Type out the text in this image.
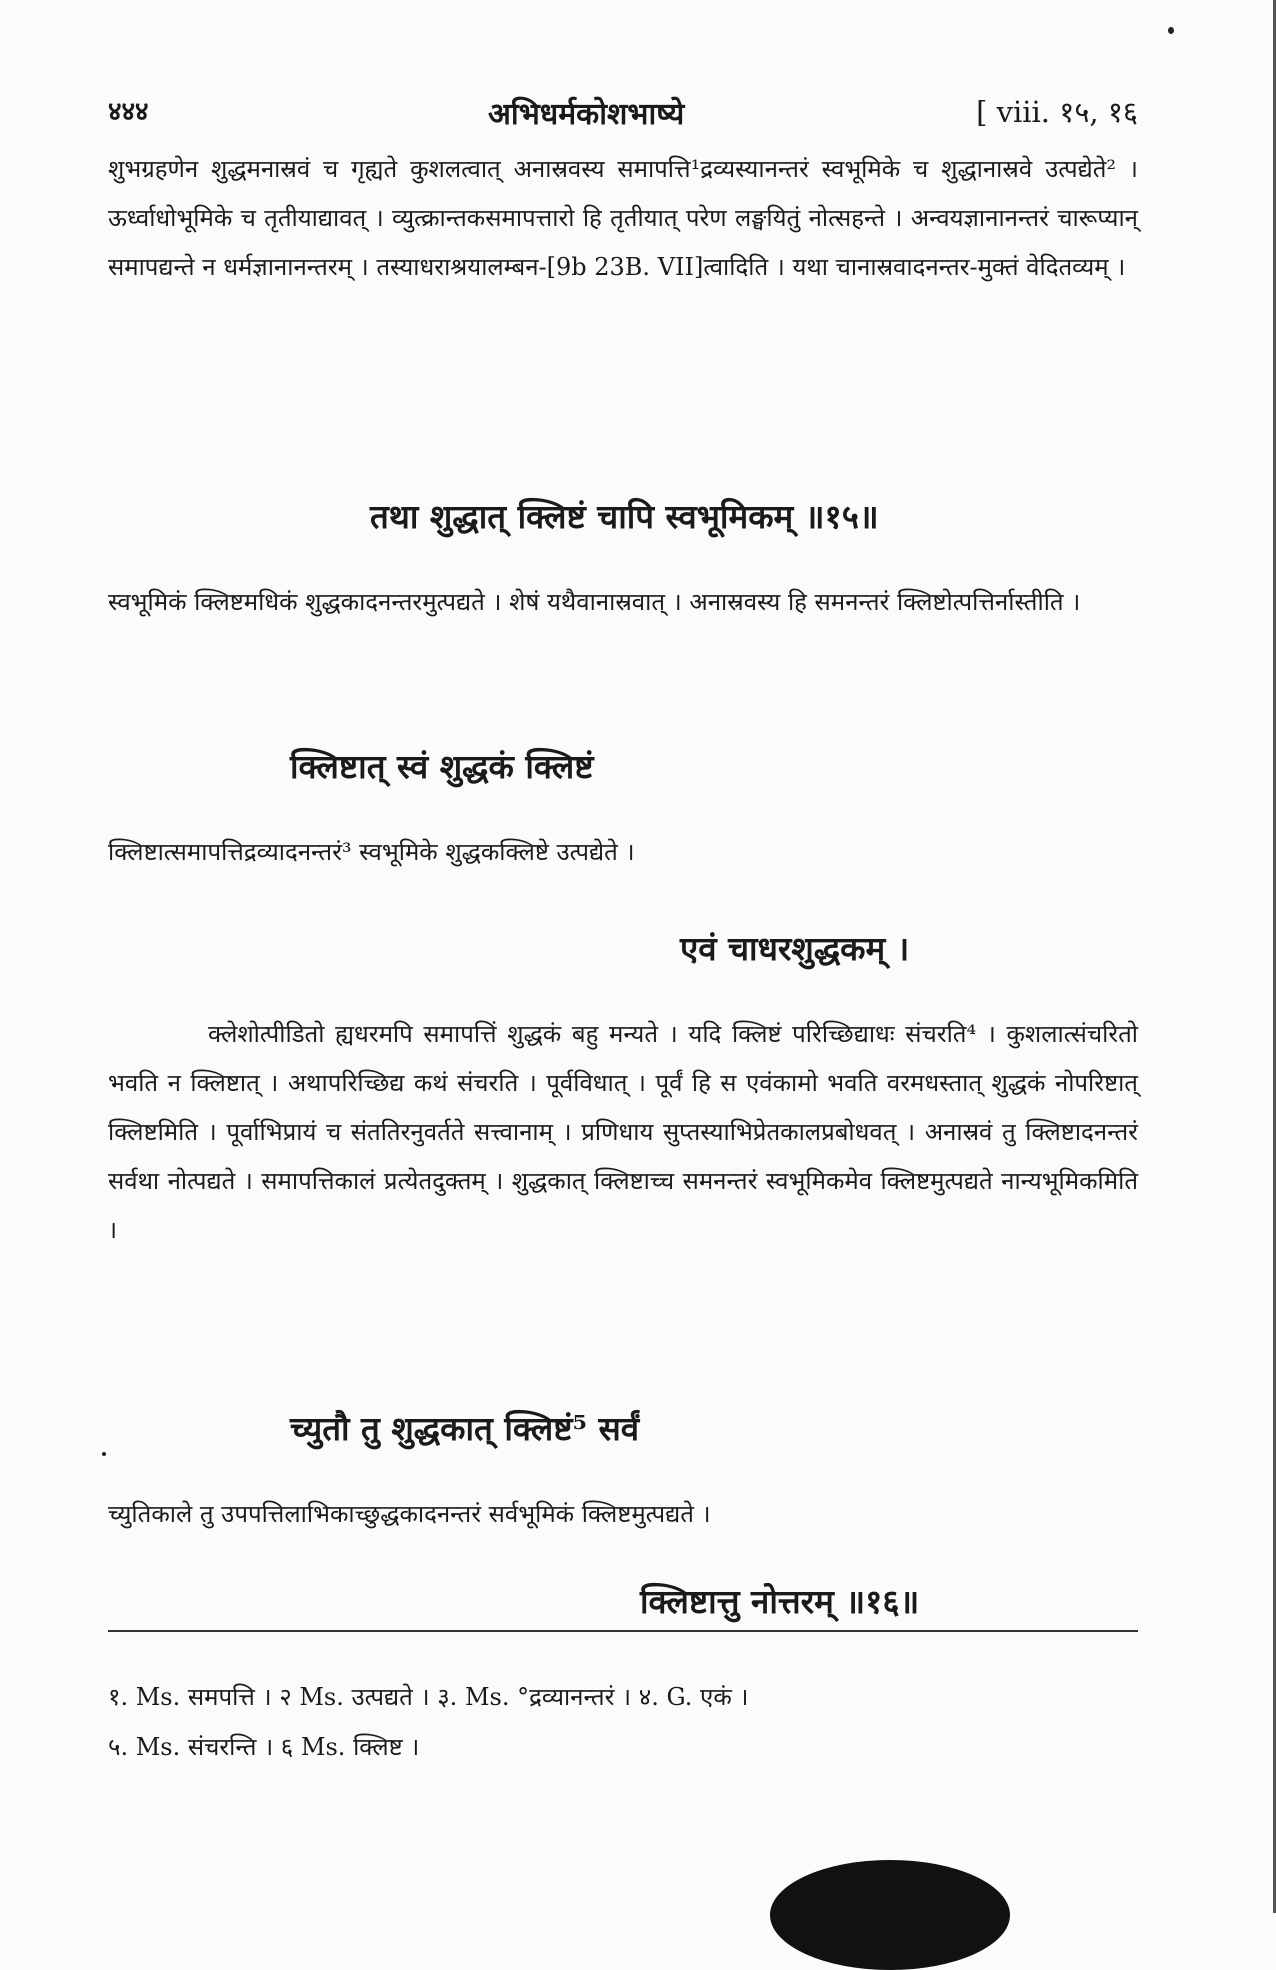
४४४	अभिधर्मकोशभाष्ये	[ viii. १५, १६

शुभग्रहणेन शुद्धमनास्रवं च गृह्यते कुशलत्वात् अनास्रवस्य समापत्ति¹द्रव्यस्यानन्तरं स्वभूमिके च शुद्धानास्रवे उत्पद्येते² । ऊर्ध्वाधोभूमिके च तृतीयाद्यावत् । व्युत्क्रान्तकसमापत्तारो हि तृतीयात् परेण लङ्घयितुं नोत्सहन्ते । अन्वयज्ञानानन्तरं चारूप्यान् समापद्यन्ते न धर्मज्ञानानन्तरम् । तस्याधराश्रयालम्बन-[9b 23B. VII]त्वादिति । यथा चानास्रवादनन्तर-मुक्तं वेदितव्यम् ।

तथा शुद्धात् क्लिष्टं चापि स्वभूमिकम् ॥१५॥

स्वभूमिकं क्लिष्टमधिकं शुद्धकादनन्तरमुत्पद्यते । शेषं यथैवानास्रवात् । अनास्रवस्य हि समनन्तरं क्लिष्टोत्पत्तिर्नास्तीति ।

क्लिष्टात् स्वं शुद्धकं क्लिष्टं

क्लिष्टात्समापत्तिद्रव्यादनन्तरं³ स्वभूमिके शुद्धकक्लिष्टे उत्पद्येते ।

एवं चाधरशुद्धकम् ।

क्लेशोत्पीडितो ह्यधरमपि समापत्तिं शुद्धकं बहु मन्यते । यदि क्लिष्टं परिच्छिद्याधः संचरति⁴ । कुशलात्संचरितो भवति न क्लिष्टात् । अथापरिच्छिद्य कथं संचरति । पूर्वविधात् । पूर्वं हि स एवंकामो भवति वरमधस्तात् शुद्धकं नोपरिष्टात् क्लिष्टमिति । पूर्वाभिप्रायं च संततिरनुवर्तते सत्त्वानाम् । प्रणिधाय सुप्तस्याभिप्रेतकालप्रबोधवत् । अनास्रवं तु क्लिष्टादनन्तरं सर्वथा नोत्पद्यते । समापत्तिकालं प्रत्येतदुक्तम् । शुद्धकात् क्लिष्टाच्च समनन्तरं स्वभूमिकमेव क्लिष्टमुत्पद्यते नान्यभूमिकमिति ।

च्युतौ तु शुद्धकात् क्लिष्टं⁵ सर्वं

च्युतिकाले तु उपपत्तिलाभिकाच्छुद्धकादनन्तरं सर्वभूमिकं क्लिष्टमुत्पद्यते ।

क्लिष्टात्तु नोत्तरम् ॥१६॥

१. Ms. समपत्ति । २ Ms. उत्पद्यते । ३. Ms. °द्रव्यानन्तरं । ४. G. एकं ।

५. Ms. संचरन्ति । ६ Ms. क्लिष्ट ।
